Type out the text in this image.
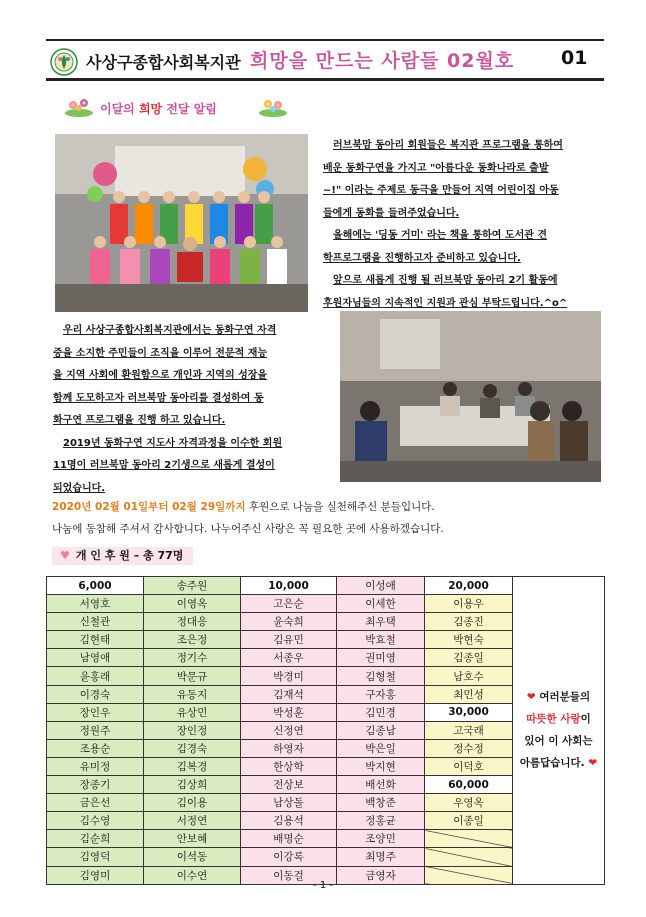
사상구종합사회복지관 희망을 만드는 사람들 02월호 01
이달의 희망 전달 알림

러브북맘 동아리 회원들은 복지관 프로그램을 통하여

배운 동화구연을 가지고 "아름다운 동화나라로 출발

~!" 이라는 주제로 동극을 만들어 지역 어린이집 아동

들에게 동화를 들려주었습니다.

올해에는 '딩동 거미' 라는 책을 통하여 도서관 견

학프로그램을 진행하고자 준비하고 있습니다.

앞으로 새롭게 진행 될 러브북맘 동아리 2기 활동에

후원자님들의 지속적인 지원과 관심 부탁드립니다.^o^

우리 사상구종합사회복지관에서는 동화구연 자격

증을 소지한 주민들이 조직을 이루어 전문적 재능

을 지역 사회에 환원함으로 개인과 지역의 성장을

함께 도모하고자 러브북맘 동아리를 결성하여 동

화구연 프로그램을 진행 하고 있습니다.

2019년 동화구연 지도사 자격과정을 이수한 회원

11명이 러브북맘 동아리 2기생으로 새롭게 결성이

되었습니다.

2020년 02월 01일부터 02월 29일까지 후원으로 나눔을 실천해주신 분들입니다.
나눔에 동참해 주셔서 감사합니다. 나누어주신 사랑은 꼭 필요한 곳에 사용하겠습니다.
♥ 개 인 후 원 – 총 77명
6,000	송주원	10,000	이성애	20,000	❤ 여러분들의
따뜻한 사랑이
있어 이 사회는
아름답습니다. ❤
서영호	이영옥	고은순	이세한	이용우	
신철관	정대응	윤숙희	최우택	김종진	
김현태	조은정	김유민	박효철	박현숙	
남영애	정기수	서종우	권미영	김종일	
윤홍래	박문규	박경미	김형철	남호수	
이경숙	유동지	김재석	구자홍	최민성	
장인우	유상민	박성훈	김민경	30,000	
정원주	장인정	신정연	김종남	고국래	
조용순	김경숙	하영자	박은일	정수정	
유미정	김복경	한상학	박지현	이덕호	
장종기	김상희	전상보	배선화	60,000	
금은선	김이용	남상돌	백창준	우영옥	
김수영	서정연	김용석	정홍균	이종일	
김순희	안보혜	배명순	조양민		
김영덕	이석동	이강록	최명주		
김영미	이수연	이동걸	금영자		
- 1 -
